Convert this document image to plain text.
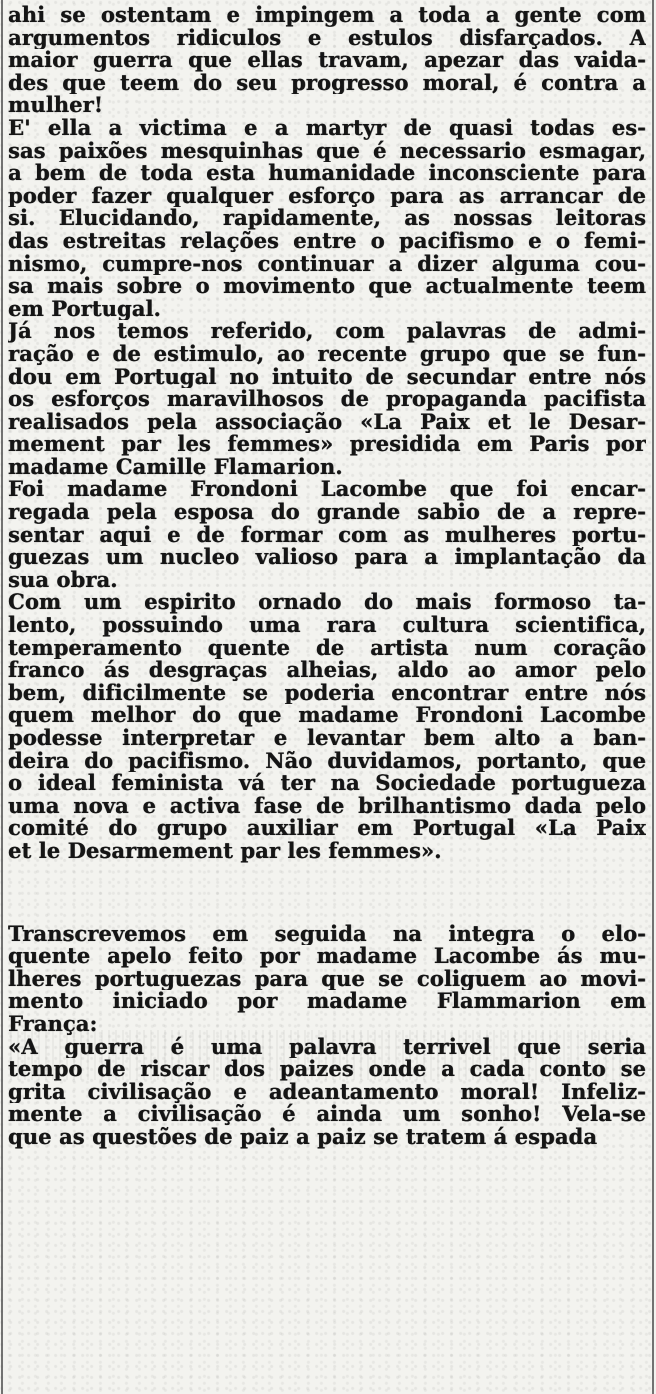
ahi se ostentam e impingem a toda a gente com
argumentos ridiculos e estulos disfarçados. A
maior guerra que ellas travam, apezar das vaida-
des que teem do seu progresso moral, é contra a
mulher!
E' ella a victima e a martyr de quasi todas es-
sas paixões mesquinhas que é necessario esmagar,
a bem de toda esta humanidade inconsciente para
poder fazer qualquer esforço para as arrancar de
si. Elucidando, rapidamente, as nossas leitoras
das estreitas relações entre o pacifismo e o femi-
nismo, cumpre-nos continuar a dizer alguma cou-
sa mais sobre o movimento que actualmente teem
em Portugal.
Já nos temos referido, com palavras de admi-
ração e de estimulo, ao recente grupo que se fun-
dou em Portugal no intuito de secundar entre nós
os esforços maravilhosos de propaganda pacifista
realisados pela associação «La Paix et le Desar-
mement par les femmes» presidida em Paris por
madame Camille Flamarion.
Foi madame Frondoni Lacombe que foi encar-
regada pela esposa do grande sabio de a repre-
sentar aqui e de formar com as mulheres portu-
guezas um nucleo valioso para a implantação da
sua obra.
Com um espirito ornado do mais formoso ta-
lento, possuindo uma rara cultura scientifica,
temperamento quente de artista num coração
franco ás desgraças alheias, aldo ao amor pelo
bem, dificilmente se poderia encontrar entre nós
quem melhor do que madame Frondoni Lacombe
podesse interpretar e levantar bem alto a ban-
deira do pacifismo. Não duvidamos, portanto, que
o ideal feminista vá ter na Sociedade portugueza
uma nova e activa fase de brilhantismo dada pelo
comité do grupo auxiliar em Portugal «La Paix
et le Desarmement par les femmes».
Transcrevemos em seguida na integra o elo-
quente apelo feito por madame Lacombe ás mu-
lheres portuguezas para que se coliguem ao movi-
mento iniciado por madame Flammarion em
França:
«A guerra é uma palavra terrivel que seria
tempo de riscar dos paizes onde a cada conto se
grita civilisação e adeantamento moral! Infeliz-
mente a civilisação é ainda um sonho! Vela-se
que as questões de paiz a paiz se tratem á espada
